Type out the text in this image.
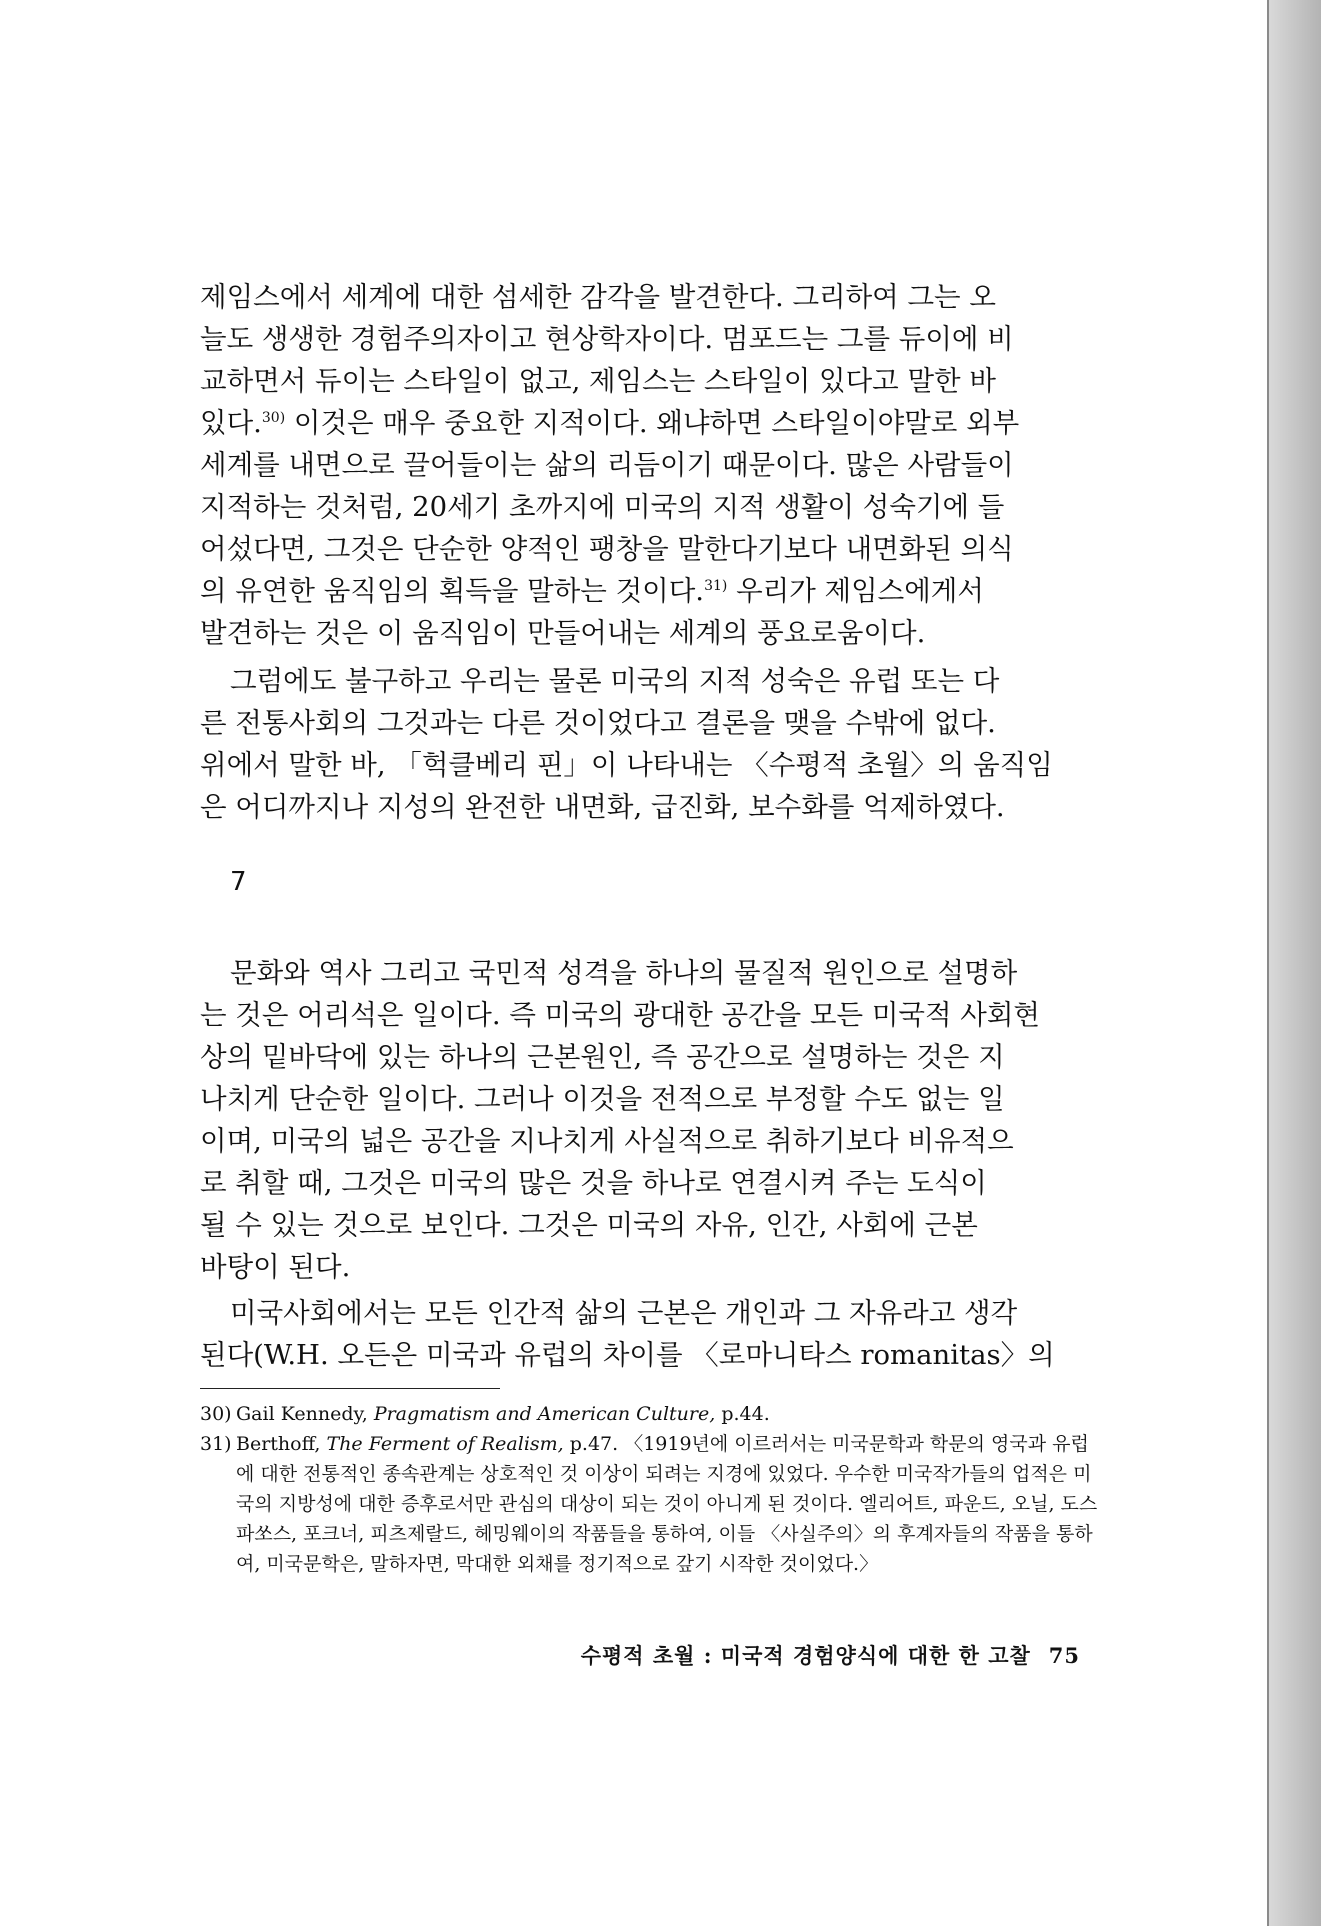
제임스에서 세계에 대한 섬세한 감각을 발견한다. 그리하여 그는 오
늘도 생생한 경험주의자이고 현상학자이다. 멈포드는 그를 듀이에 비
교하면서 듀이는 스타일이 없고, 제임스는 스타일이 있다고 말한 바
있다.$^{30)}$ 이것은 매우 중요한 지적이다. 왜냐하면 스타일이야말로 외부
세계를 내면으로 끌어들이는 삶의 리듬이기 때문이다. 많은 사람들이
지적하는 것처럼, 20세기 초까지에 미국의 지적 생활이 성숙기에 들
어섰다면, 그것은 단순한 양적인 팽창을 말한다기보다 내면화된 의식
의 유연한 움직임의 획득을 말하는 것이다.$^{31)}$ 우리가 제임스에게서
발견하는 것은 이 움직임이 만들어내는 세계의 풍요로움이다.

그럼에도 불구하고 우리는 물론 미국의 지적 성숙은 유럽 또는 다
른 전통사회의 그것과는 다른 것이었다고 결론을 맺을 수밖에 없다.
위에서 말한 바, 「헉클베리 핀」이 나타내는 〈수평적 초월〉의 움직임
은 어디까지나 지성의 완전한 내면화, 급진화, 보수화를 억제하였다.

7

문화와 역사 그리고 국민적 성격을 하나의 물질적 원인으로 설명하
는 것은 어리석은 일이다. 즉 미국의 광대한 공간을 모든 미국적 사회현
상의 밑바닥에 있는 하나의 근본원인, 즉 공간으로 설명하는 것은 지
나치게 단순한 일이다. 그러나 이것을 전적으로 부정할 수도 없는 일
이며, 미국의 넓은 공간을 지나치게 사실적으로 취하기보다 비유적으
로 취할 때, 그것은 미국의 많은 것을 하나로 연결시켜 주는 도식이
될 수 있는 것으로 보인다. 그것은 미국의 자유, 인간, 사회에 근본
바탕이 된다.

미국사회에서는 모든 인간적 삶의 근본은 개인과 그 자유라고 생각
된다(W.H. 오든은 미국과 유럽의 차이를 〈로마니타스 romanitas〉의

30) Gail Kennedy, Pragmatism and American Culture, p.44.
31) Berthoff, The Ferment of Realism, p.47. 〈1919년에 이르러서는 미국문학과 학문의 영국과 유럽에 대한 전통적인 종속관계는 상호적인 것 이상이 되려는 지경에 있었다. 우수한 미국작가들의 업적은 미국의 지방성에 대한 증후로서만 관심의 대상이 되는 것이 아니게 된 것이다. 엘리어트, 파운드, 오닐, 도스 파쏘스, 포크너, 피츠제랄드, 헤밍웨이의 작품들을 통하여, 이들 〈사실주의〉의 후계자들의 작품을 통하여, 미국문학은, 말하자면, 막대한 외채를 정기적으로 갚기 시작한 것이었다.〉
수평적 초월 : 미국적 경험양식에 대한 한 고찰 75
